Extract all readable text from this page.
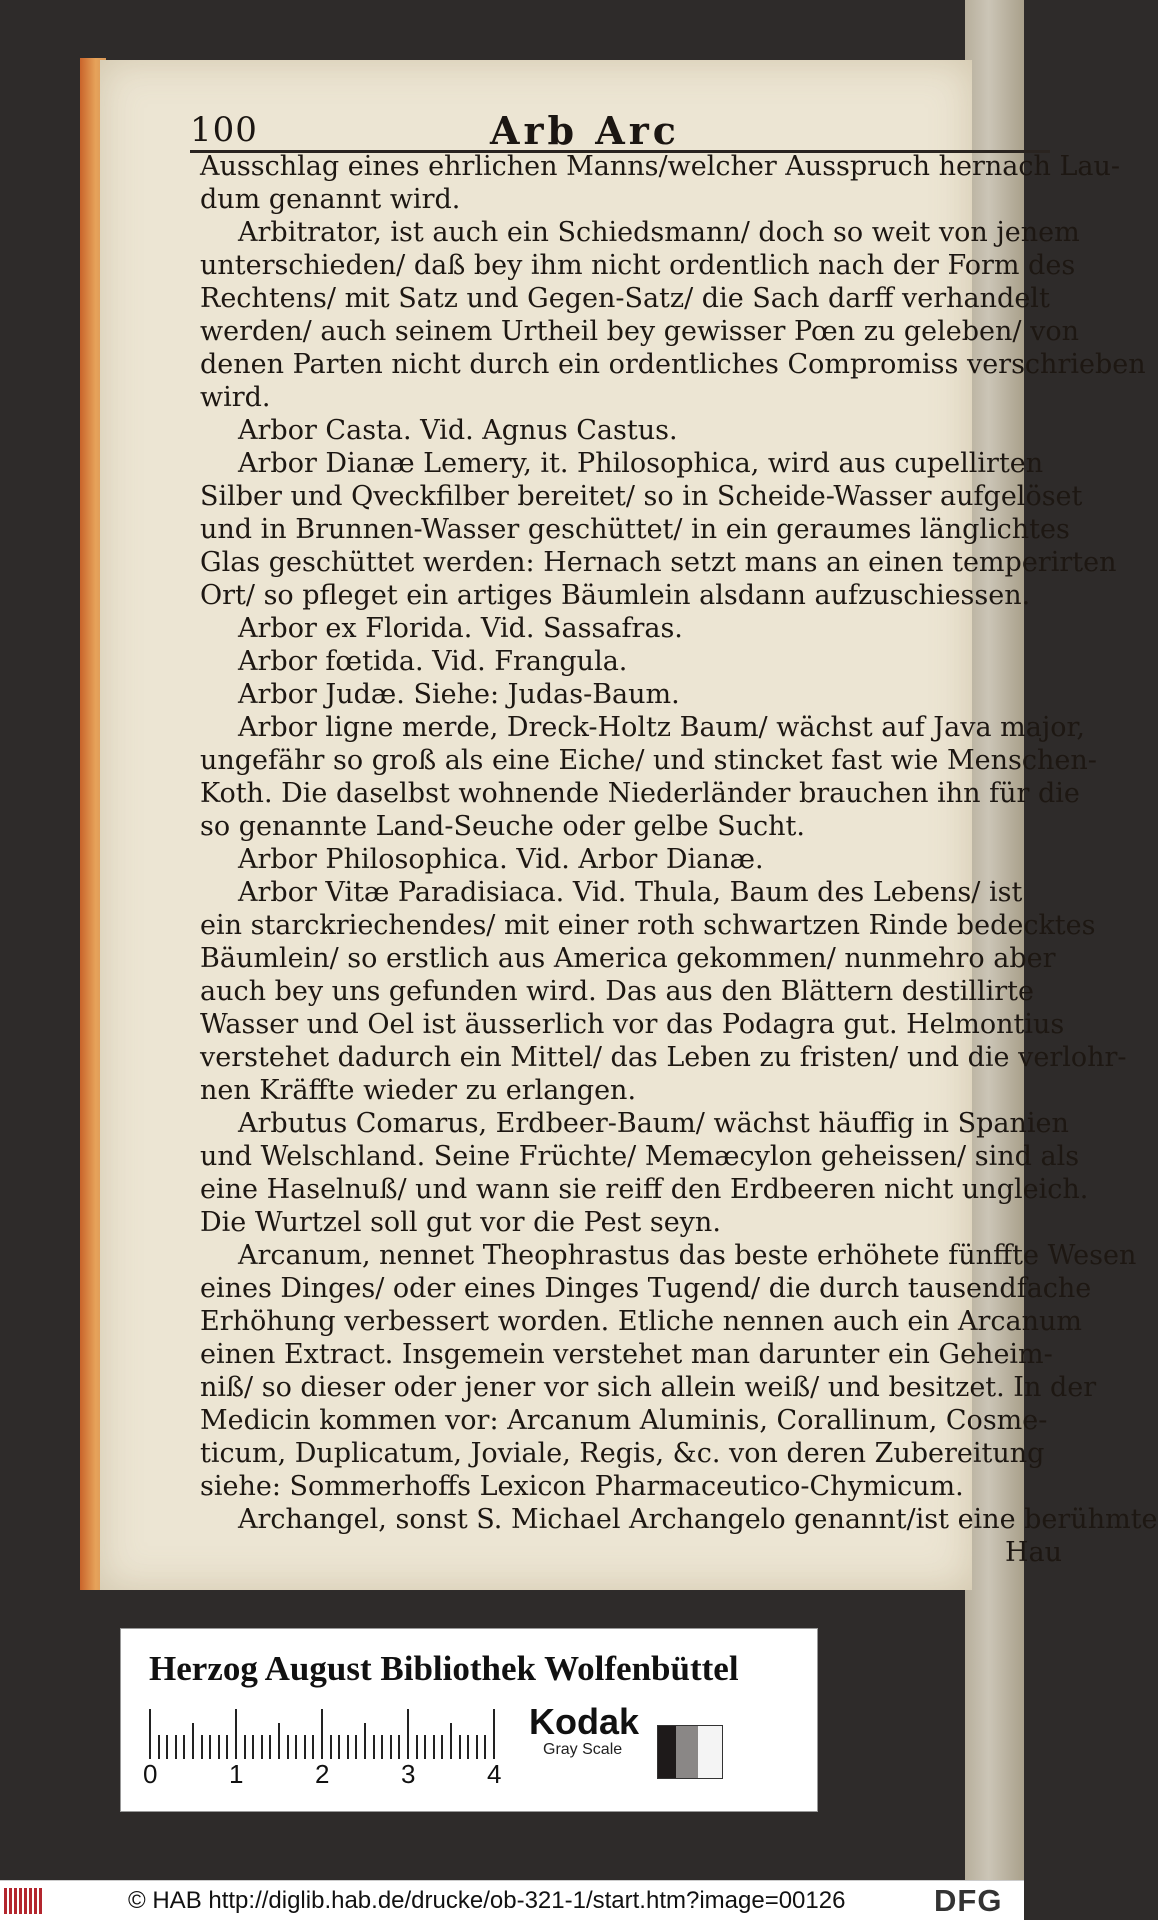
100	Arb Arc

Ausschlag eines ehrlichen Manns/welcher Ausspruch hernach Lau-

dum genannt wird.

Arbitrator, ist auch ein Schiedsmann/ doch so weit von jenem

unterschieden/ daß bey ihm nicht ordentlich nach der Form des

Rechtens/ mit Satz und Gegen-Satz/ die Sach darff verhandelt

werden/ auch seinem Urtheil bey gewisser Pœn zu geleben/ von

denen Parten nicht durch ein ordentliches Compromiss verschrieben

wird.

Arbor Casta. Vid. Agnus Castus.

Arbor Dianæ Lemery, it. Philosophica, wird aus cupellirten

Silber und Qveckfilber bereitet/ so in Scheide-Wasser aufgelöset

und in Brunnen-Wasser geschüttet/ in ein geraumes länglichtes

Glas geschüttet werden: Hernach setzt mans an einen temperirten

Ort/ so pfleget ein artiges Bäumlein alsdann aufzuschiessen.

Arbor ex Florida. Vid. Sassafras.

Arbor fœtida. Vid. Frangula.

Arbor Judæ. Siehe: Judas-Baum.

Arbor ligne merde, Dreck-Holtz Baum/ wächst auf Java major,

ungefähr so groß als eine Eiche/ und stincket fast wie Menschen-

Koth. Die daselbst wohnende Niederländer brauchen ihn für die

so genannte Land-Seuche oder gelbe Sucht.

Arbor Philosophica. Vid. Arbor Dianæ.

Arbor Vitæ Paradisiaca. Vid. Thula, Baum des Lebens/ ist

ein starckriechendes/ mit einer roth schwartzen Rinde bedecktes

Bäumlein/ so erstlich aus America gekommen/ nunmehro aber

auch bey uns gefunden wird. Das aus den Blättern destillirte

Wasser und Oel ist äusserlich vor das Podagra gut. Helmontius

verstehet dadurch ein Mittel/ das Leben zu fristen/ und die verlohr-

nen Kräffte wieder zu erlangen.

Arbutus Comarus, Erdbeer-Baum/ wächst häuffig in Spanien

und Welschland. Seine Früchte/ Memæcylon geheissen/ sind als

eine Haselnuß/ und wann sie reiff den Erdbeeren nicht ungleich.

Die Wurtzel soll gut vor die Pest seyn.

Arcanum, nennet Theophrastus das beste erhöhete fünffte Wesen

eines Dinges/ oder eines Dinges Tugend/ die durch tausendfache

Erhöhung verbessert worden. Etliche nennen auch ein Arcanum

einen Extract. Insgemein verstehet man darunter ein Geheim-

niß/ so dieser oder jener vor sich allein weiß/ und besitzet. In der

Medicin kommen vor: Arcanum Aluminis, Corallinum, Cosme-

ticum, Duplicatum, Joviale, Regis, &c. von deren Zubereitung

siehe: Sommerhoffs Lexicon Pharmaceutico-Chymicum.

Archangel, sonst S. Michael Archangelo genannt/ist eine berühmte

Hau

Herzog August Bibliothek Wolfenbüttel
0	1	2	3	4
Kodak
Gray Scale
© HAB http://diglib.hab.de/drucke/ob-321-1/start.htm?image=00126	DFG
